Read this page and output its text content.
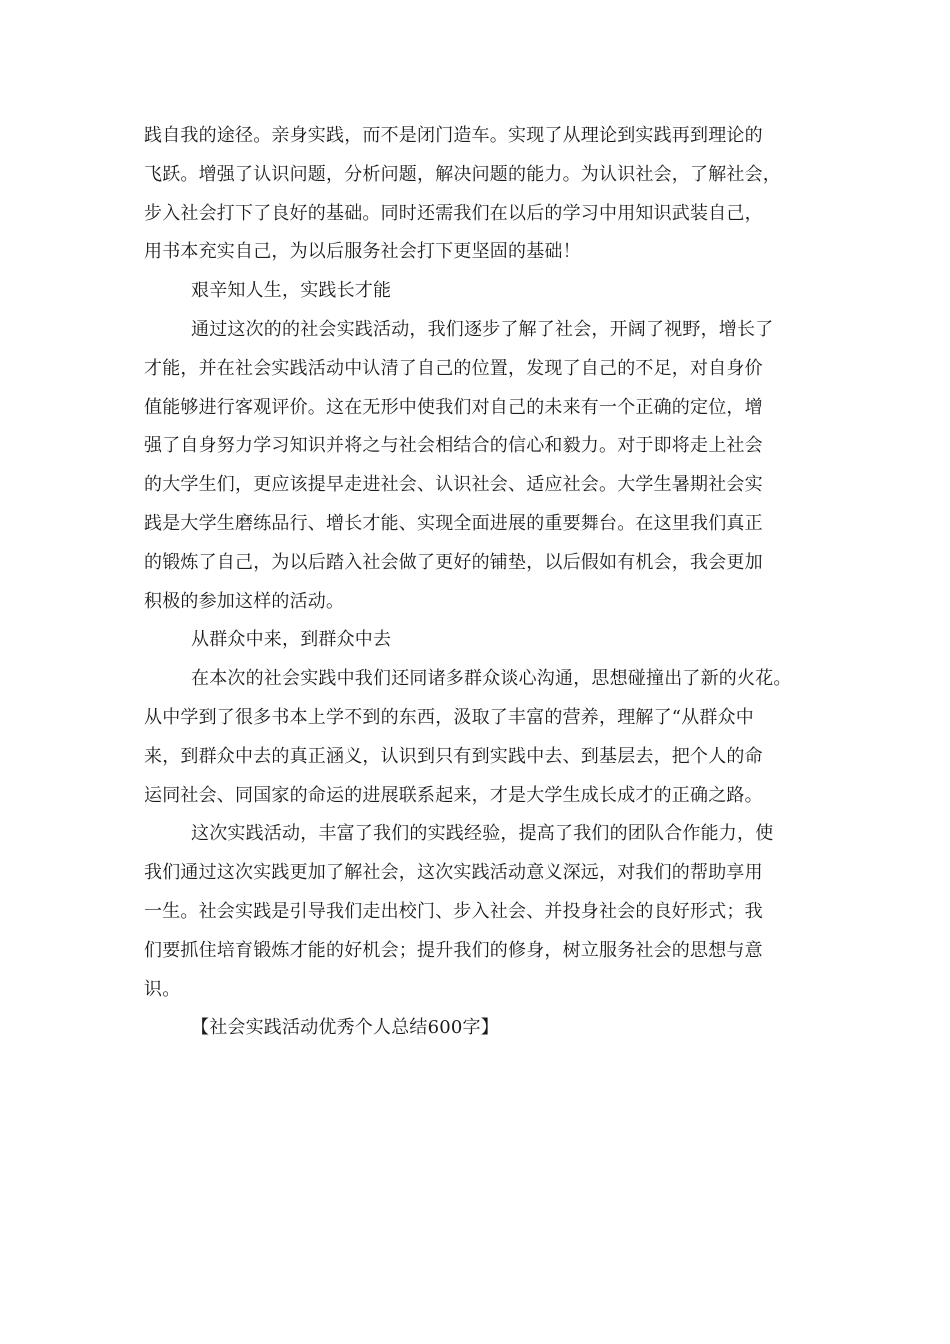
践自我的途径。亲身实践，而不是闭门造车。实现了从理论到实践再到理论的
飞跃。增强了认识问题，分析问题，解决问题的能力。为认识社会，了解社会，
步入社会打下了良好的基础。同时还需我们在以后的学习中用知识武装自己，
用书本充实自己，为以后服务社会打下更坚固的基础！
艰辛知人生，实践长才能
通过这次的的社会实践活动，我们逐步了解了社会，开阔了视野，增长了
才能，并在社会实践活动中认清了自己的位置，发现了自己的不足，对自身价
值能够进行客观评价。这在无形中使我们对自己的未来有一个正确的定位，增
强了自身努力学习知识并将之与社会相结合的信心和毅力。对于即将走上社会
的大学生们，更应该提早走进社会、认识社会、适应社会。大学生暑期社会实
践是大学生磨练品行、增长才能、实现全面进展的重要舞台。在这里我们真正
的锻炼了自己，为以后踏入社会做了更好的铺垫，以后假如有机会，我会更加
积极的参加这样的活动。
从群众中来，到群众中去
在本次的社会实践中我们还同诸多群众谈心沟通，思想碰撞出了新的火花。
从中学到了很多书本上学不到的东西，汲取了丰富的营养，理解了“从群众中
来，到群众中去的真正涵义，认识到只有到实践中去、到基层去，把个人的命
运同社会、同国家的命运的进展联系起来，才是大学生成长成才的正确之路。
这次实践活动，丰富了我们的实践经验，提高了我们的团队合作能力，使
我们通过这次实践更加了解社会，这次实践活动意义深远，对我们的帮助享用
一生。社会实践是引导我们走出校门、步入社会、并投身社会的良好形式；我
们要抓住培育锻炼才能的好机会；提升我们的修身，树立服务社会的思想与意
识。
【社会实践活动优秀个人总结600字】
